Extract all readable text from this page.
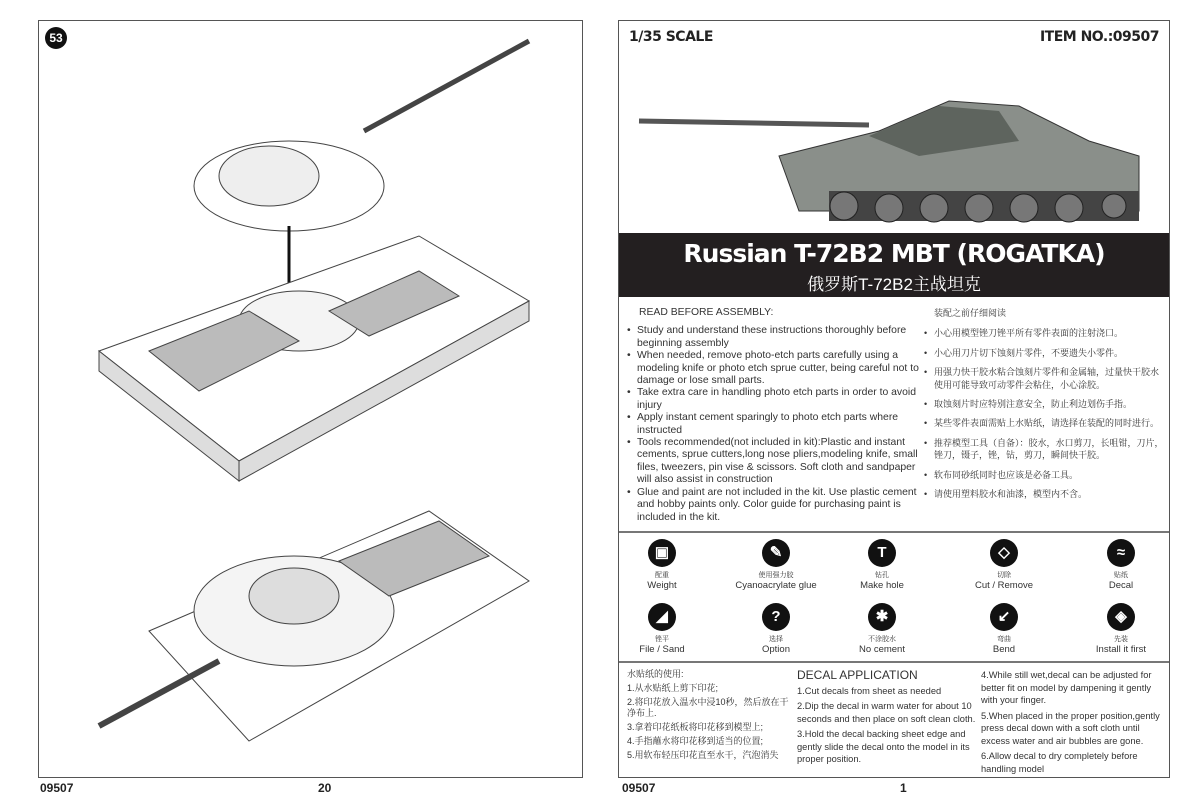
53
09507	20
1/35 SCALE	ITEM NO.:09507
Russian T-72B2 MBT (ROGATKA)
俄罗斯T-72B2主战坦克
READ BEFORE ASSEMBLY:
• Study and understand these instructions thoroughly before beginning assembly
• When needed, remove photo-etch parts carefully using a modeling knife or photo etch sprue cutter, being careful not to damage or lose small parts.
• Take extra care in handling photo etch parts in order to avoid injury
• Apply instant cement sparingly to photo etch parts where instructed
• Tools recommended(not included in kit):Plastic and instant cements, sprue cutters,long nose pliers,modeling knife, small files, tweezers, pin vise & scissors. Soft cloth and sandpaper will also assist in construction
• Glue and paint are not included in the kit. Use plastic cement and hobby paints only. Color guide for purchasing paint is included in the kit.
装配之前仔细阅读
• 小心用模型锉刀锉平所有零件表面的注射浇口。
• 小心用刀片切下蚀刻片零件，不要遗失小零件。
• 用强力快干胶水粘合蚀刻片零件和金属轴，过量快干胶水使用可能导致可动零件会粘住，小心涂胶。
• 取蚀刻片时应特别注意安全，防止利边划伤手指。
• 某些零件表面需贴上水贴纸，请选择在装配的同时进行。
• 推荐模型工具（自备）：胶水，水口剪刀，长咀钳，刀片，锉刀，镊子，锉，钻，剪刀，瞬间快干胶。
• 软布同砂纸同时也应该是必备工具。
• 请使用塑料胶水和油漆，模型内不含。
▣
配重
Weight
✎
使用强力胶
Cyanoacrylate glue
T
钻孔
Make hole
◇
切除
Cut / Remove
≈
贴纸
Decal
◢
锉平
File / Sand
?
选择
Option
✱
不涂胶水
No cement
↙
弯曲
Bend
◈
先装
Install it first

水贴纸的使用:

1.从水贴纸上剪下印花;

2.将印花放入温水中浸10秒，然后放在干净布上.

3.拿着印花纸板将印花移到模型上;

4.手指蘸水将印花移到适当的位置;

5.用软布轻压印花直至水干，汽泡消失

DECAL APPLICATION

1.Cut decals from sheet as needed

2.Dip the decal in warm water for about 10 seconds and then place on soft clean cloth.

3.Hold the decal backing sheet edge and gently slide the decal onto the model in its proper position.

4.While still wet,decal can be adjusted for better fit on model by dampening it gently with your finger.

5.When placed in the proper position,gently press decal down with a soft cloth until excess water and air bubbles are gone.

6.Allow decal to dry completely before handling model

09507	1
